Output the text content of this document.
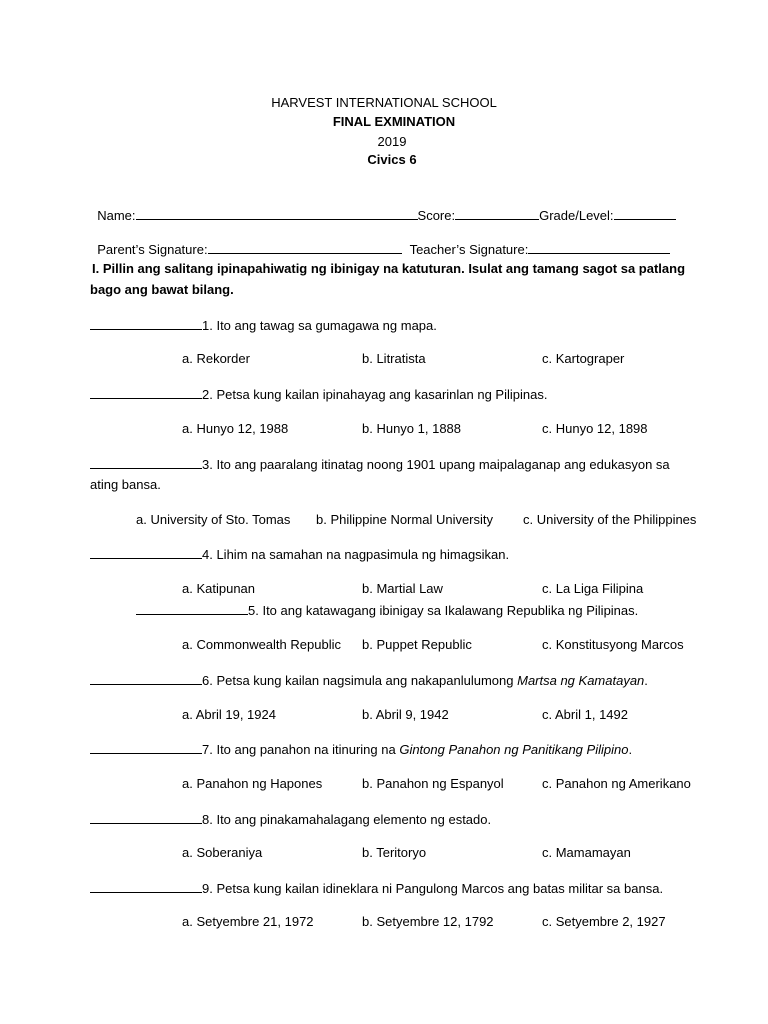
HARVEST INTERNATIONAL SCHOOL
FINAL EXMINATION
2019
Civics 6

Name:	Score:	Grade/Level:

Parent’s Signature:	Teacher’s Signature:

I. Pillin ang salitang ipinapahiwatig ng ibinigay na katuturan. Isulat ang tamang sagot sa patlang
bago ang bawat bilang.
1. Ito ang tawag sa gumagawa ng mapa.
a. Rekorder	b. Litratista	c. Kartograper
2. Petsa kung kailan ipinahayag ang kasarinlan ng Pilipinas.
a. Hunyo 12, 1988	b. Hunyo 1, 1888	c. Hunyo 12, 1898
3. Ito ang paaralang itinatag noong 1901 upang maipalaganap ang edukasyon sa
ating bansa.
a. University of Sto. Tomas b. Philippine Normal University c. University of the Philippines
4. Lihim na samahan na nagpasimula ng himagsikan.
a. Katipunan	b. Martial Law	c. La Liga Filipina
5. Ito ang katawagang ibinigay sa Ikalawang Republika ng Pilipinas.
a. Commonwealth Republic b. Puppet Republic	c. Konstitusyong Marcos
6. Petsa kung kailan nagsimula ang nakapanlulumong Martsa ng Kamatayan.
a. Abril 19, 1924	b. Abril 9, 1942	c. Abril 1, 1492
7. Ito ang panahon na itinuring na Gintong Panahon ng Panitikang Pilipino.
a. Panahon ng Hapones	b. Panahon ng Espanyol	c. Panahon ng Amerikano
8. Ito ang pinakamahalagang elemento ng estado.
a. Soberaniya	b. Teritoryo	c. Mamamayan
9. Petsa kung kailan idineklara ni Pangulong Marcos ang batas militar sa bansa.
a. Setyembre 21, 1972	b. Setyembre 12, 1792	c. Setyembre 2, 1927
